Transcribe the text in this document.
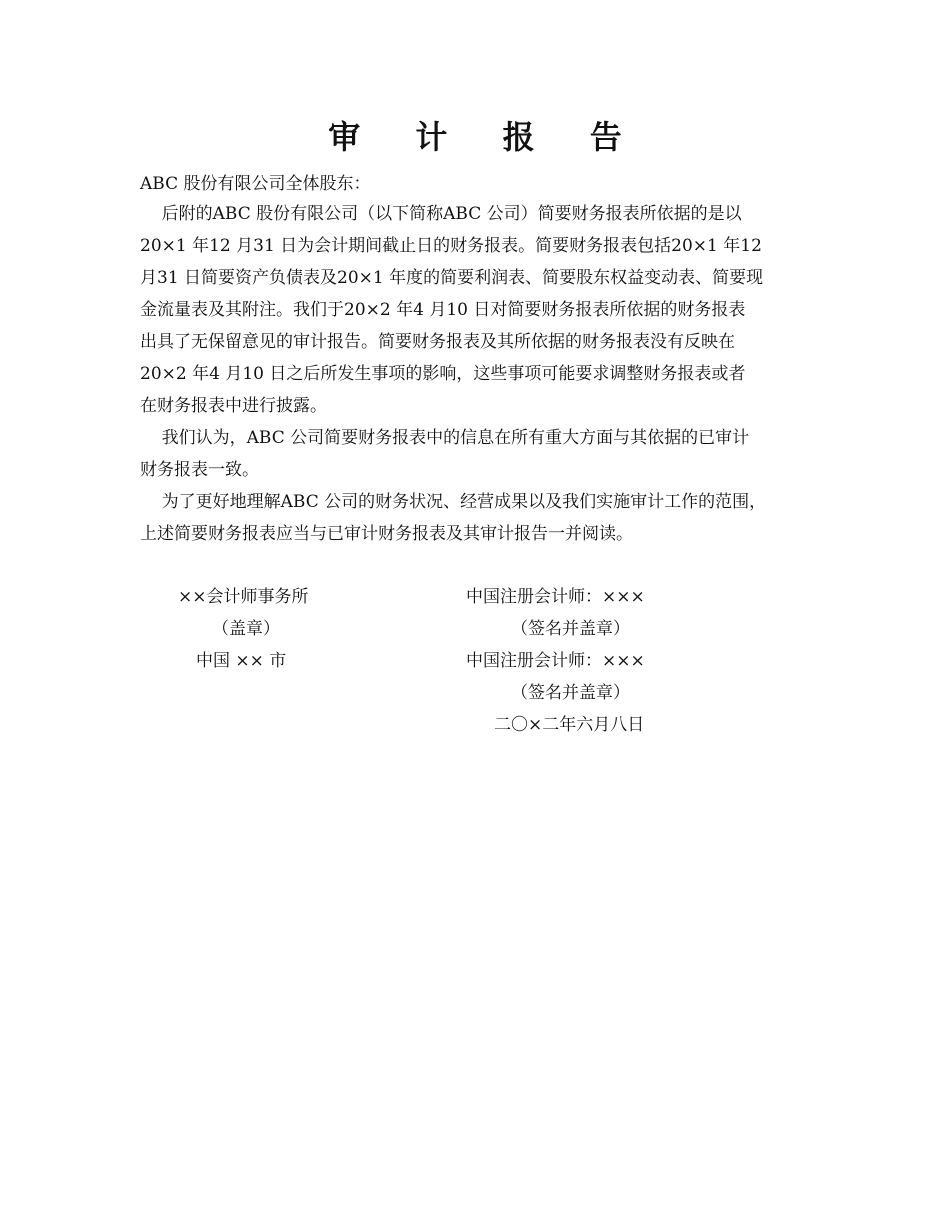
审 计 报 告
ABC 股份有限公司全体股东：
后附的ABC 股份有限公司（以下简称ABC 公司）简要财务报表所依据的是以
20×1 年12 月31 日为会计期间截止日的财务报表。简要财务报表包括20×1 年12
月31 日简要资产负债表及20×1 年度的简要利润表、简要股东权益变动表、简要现
金流量表及其附注。我们于20×2 年4 月10 日对简要财务报表所依据的财务报表
出具了无保留意见的审计报告。简要财务报表及其所依据的财务报表没有反映在
20×2 年4 月10 日之后所发生事项的影响，这些事项可能要求调整财务报表或者
在财务报表中进行披露。
我们认为，ABC 公司简要财务报表中的信息在所有重大方面与其依据的已审计
财务报表一致。
为了更好地理解ABC 公司的财务状况、经营成果以及我们实施审计工作的范围，
上述简要财务报表应当与已审计财务报表及其审计报告一并阅读。
××会计师事务所
（盖章）
中国 ×× 市
中国注册会计师：×××
（签名并盖章）
中国注册会计师：×××
（签名并盖章）
二〇×二年六月八日
